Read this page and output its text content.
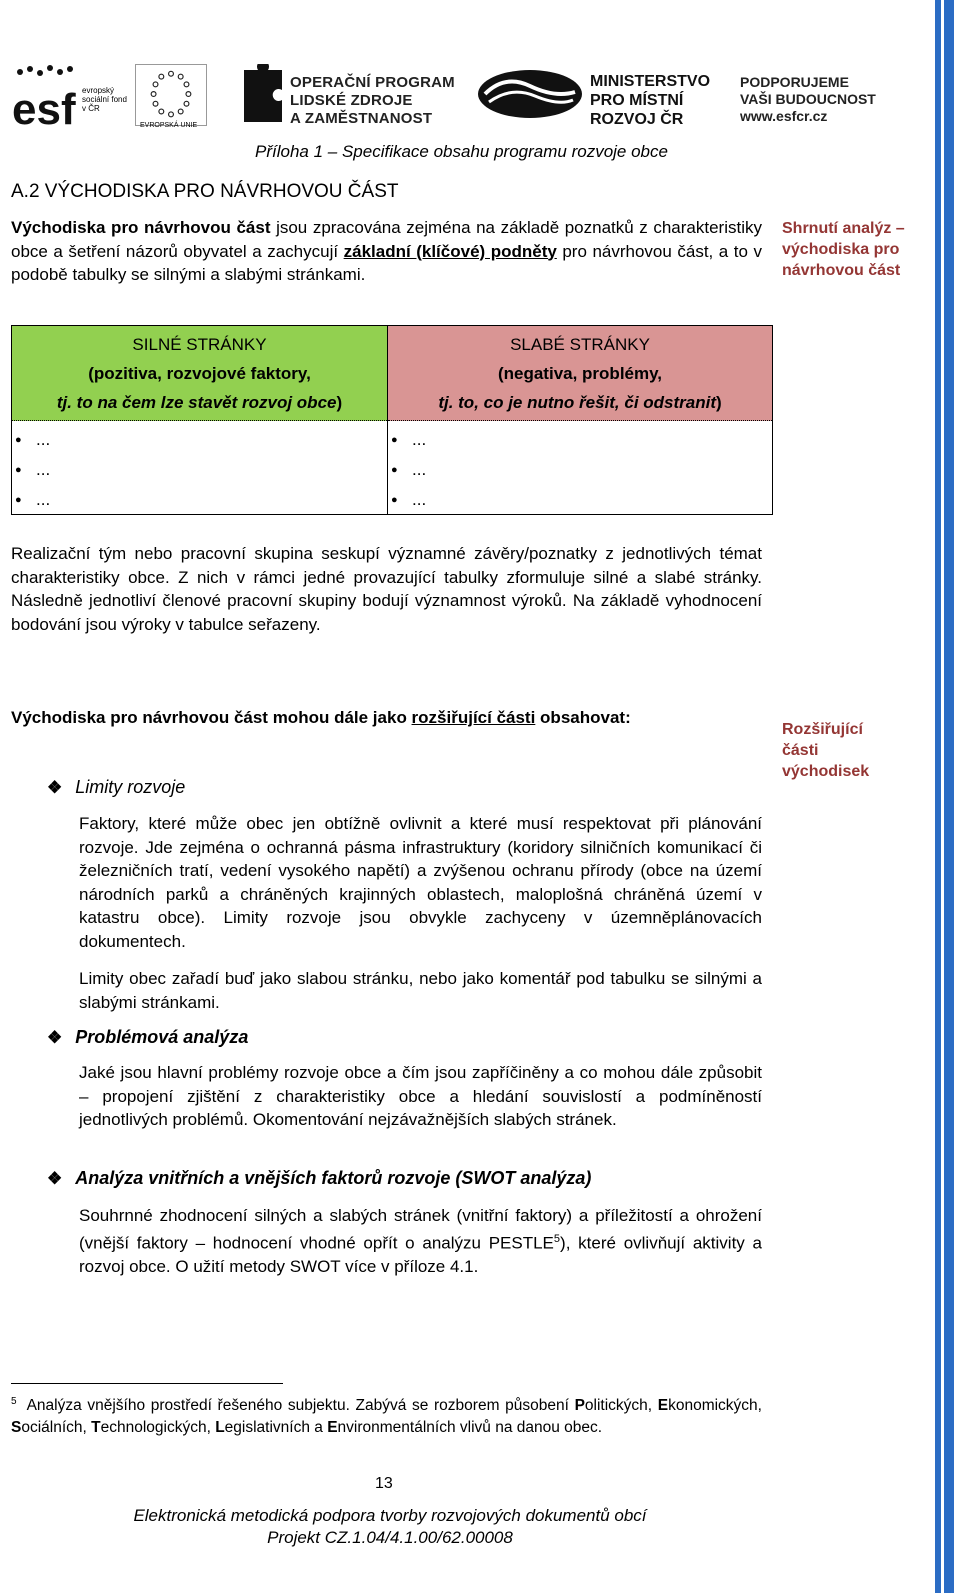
esf evropský sociální fond v ČR
EVROPSKÁ UNIE
OPERAČNÍ PROGRAM
LIDSKÉ ZDROJE
A ZAMĚSTNANOST
MINISTERSTVO
PRO MÍSTNÍ
ROZVOJ ČR
PODPORUJEME
VAŠI BUDOUCNOST
www.esfcr.cz
Příloha 1 – Specifikace obsahu programu rozvoje obce
A.2 VÝCHODISKA PRO NÁVRHOVOU ČÁST
Východiska pro návrhovou část jsou zpracována zejména na základě poznatků z charakteristiky obce a šetření názorů obyvatel a zachycují základní (klíčové) podněty pro návrhovou část, a to v podobě tabulky se silnými a slabými stránkami.
Shrnutí analýz – východiska pro návrhovou část
SILNÉ STRÁNKY
(pozitiva, rozvojové faktory,
tj. to na čem lze stavět rozvoj obce)
● ...
● ...
● ...
SLABÉ STRÁNKY
(negativa, problémy,
tj. to, co je nutno řešit, či odstranit)
● ...
● ...
● ...
Realizační tým nebo pracovní skupina seskupí významné závěry/poznatky z jednotlivých témat charakteristiky obce. Z nich v rámci jedné provazující tabulky zformuluje silné a slabé stránky. Následně jednotliví členové pracovní skupiny bodují významnost výroků. Na základě vyhodnocení bodování jsou výroky v tabulce seřazeny.
Východiska pro návrhovou část mohou dále jako rozšiřující části obsahovat:
Rozšiřující části východisek
❖ Limity rozvoje
Faktory, které může obec jen obtížně ovlivnit a které musí respektovat při plánování rozvoje. Jde zejména o ochranná pásma infrastruktury (koridory silničních komunikací či železničních tratí, vedení vysokého napětí) a zvýšenou ochranu přírody (obce na území národních parků a chráněných krajinných oblastech, maloplošná chráněná území v katastru obce). Limity rozvoje jsou obvykle zachyceny v územněplánovacích dokumentech.
Limity obec zařadí buď jako slabou stránku, nebo jako komentář pod tabulku se silnými a slabými stránkami.
❖ Problémová analýza
Jaké jsou hlavní problémy rozvoje obce a čím jsou zapříčiněny a co mohou dále způsobit – propojení zjištění z charakteristiky obce a hledání souvislostí a podmíněností jednotlivých problémů. Okomentování nejzávažnějších slabých stránek.
❖ Analýza vnitřních a vnějších faktorů rozvoje (SWOT analýza)
Souhrnné zhodnocení silných a slabých stránek (vnitřní faktory) a příležitostí a ohrožení (vnější faktory – hodnocení vhodné opřít o analýzu PESTLE$^5$), které ovlivňují aktivity a rozvoj obce. O užití metody SWOT více v příloze 4.1.
$^5$ Analýza vnějšího prostředí řešeného subjektu. Zabývá se rozborem působení Politických, Ekonomických, Sociálních, Technologických, Legislativních a Environmentálních vlivů na danou obec.
13
Elektronická metodická podpora tvorby rozvojových dokumentů obcí
Projekt CZ.1.04/4.1.00/62.00008
